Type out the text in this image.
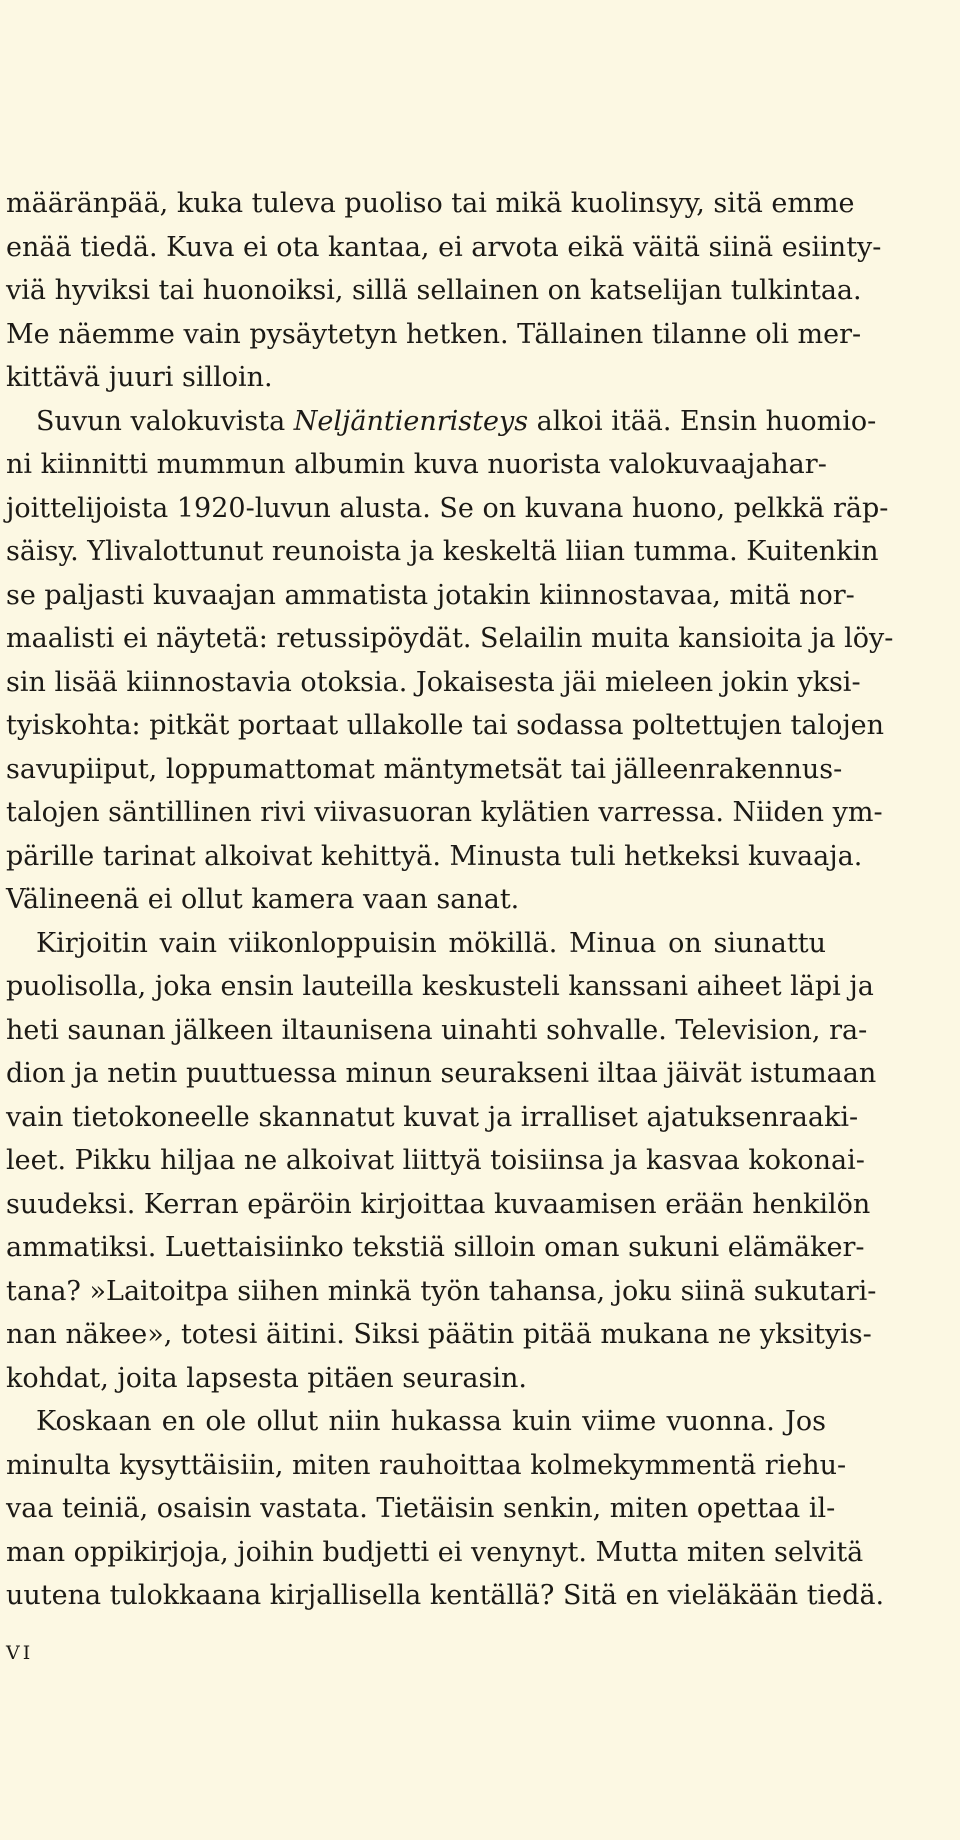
määränpää, kuka tuleva puoliso tai mikä kuolinsyy, sitä emme
enää tiedä. Kuva ei ota kantaa, ei arvota eikä väitä siinä esiinty-
viä hyviksi tai huonoiksi, sillä sellainen on katselijan tulkintaa.
Me näemme vain pysäytetyn hetken. Tällainen tilanne oli mer-
kittävä juuri silloin.
Suvun valokuvista Neljäntienristeys alkoi itää. Ensin huomio-
ni kiinnitti mummun albumin kuva nuorista valokuvaajahar-
joittelijoista 1920-luvun alusta. Se on kuvana huono, pelkkä räp-
säisy. Ylivalottunut reunoista ja keskeltä liian tumma. Kuitenkin
se paljasti kuvaajan ammatista jotakin kiinnostavaa, mitä nor-
maalisti ei näytetä: retussipöydät. Selailin muita kansioita ja löy-
sin lisää kiinnostavia otoksia. Jokaisesta jäi mieleen jokin yksi-
tyiskohta: pitkät portaat ullakolle tai sodassa poltettujen talojen
savupiiput, loppumattomat mäntymetsät tai jälleenrakennus-
talojen säntillinen rivi viivasuoran kylätien varressa. Niiden ym-
pärille tarinat alkoivat kehittyä. Minusta tuli hetkeksi kuvaaja.
Välineenä ei ollut kamera vaan sanat.
Kirjoitin vain viikonloppuisin mökillä. Minua on siunattu
puolisolla, joka ensin lauteilla keskusteli kanssani aiheet läpi ja
heti saunan jälkeen iltaunisena uinahti sohvalle. Television, ra-
dion ja netin puuttuessa minun seurakseni iltaa jäivät istumaan
vain tietokoneelle skannatut kuvat ja irralliset ajatuksenraaki-
leet. Pikku hiljaa ne alkoivat liittyä toisiinsa ja kasvaa kokonai-
suudeksi. Kerran epäröin kirjoittaa kuvaamisen erään henkilön
ammatiksi. Luettaisiinko tekstiä silloin oman sukuni elämäker-
tana? »Laitoitpa siihen minkä työn tahansa, joku siinä sukutari-
nan näkee», totesi äitini. Siksi päätin pitää mukana ne yksityis-
kohdat, joita lapsesta pitäen seurasin.
Koskaan en ole ollut niin hukassa kuin viime vuonna. Jos
minulta kysyttäisiin, miten rauhoittaa kolmekymmentä riehu-
vaa teiniä, osaisin vastata. Tietäisin senkin, miten opettaa il-
man oppikirjoja, joihin budjetti ei venynyt. Mutta miten selvitä
uutena tulokkaana kirjallisella kentällä? Sitä en vieläkään tiedä.
VI
